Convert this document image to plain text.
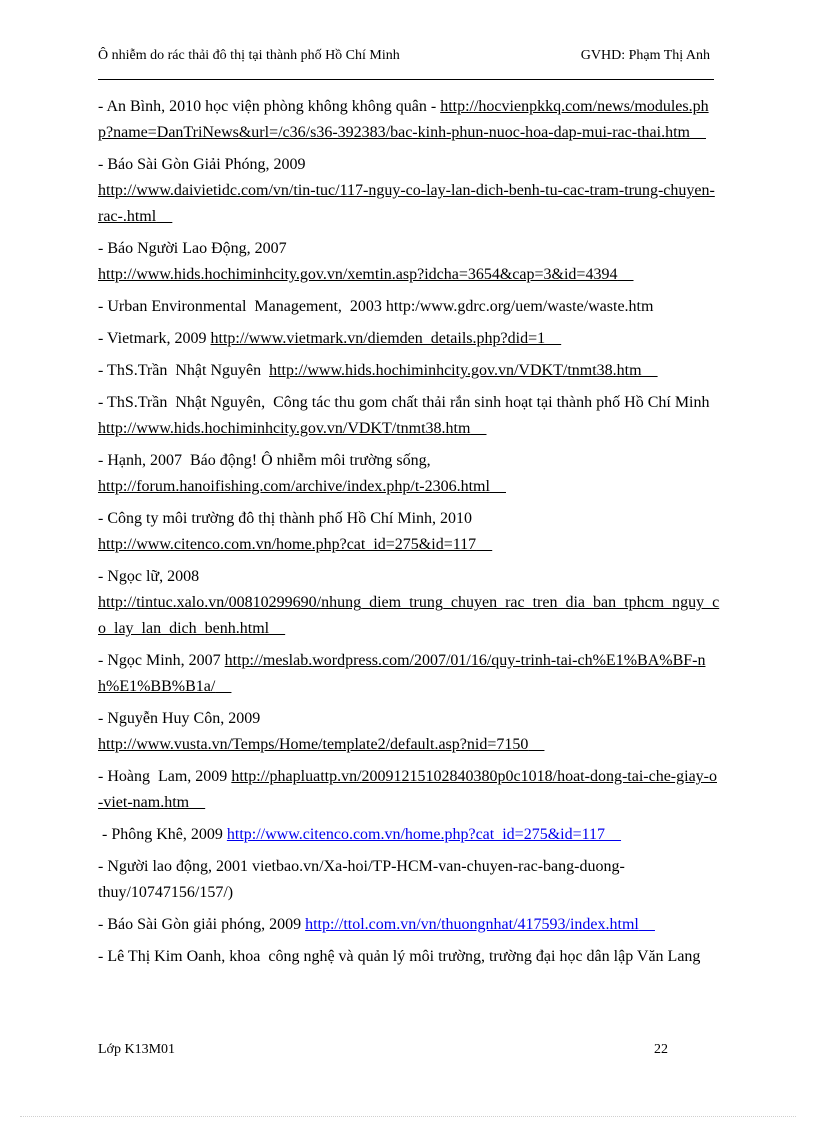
Ô nhiễm do rác thải đô thị tại thành phố Hồ Chí Minh	GVHD: Phạm Thị Anh
- An Bình, 2010 học viện phòng không không quân - http://hocvienpkkq.com/news/modules.php?name=DanTriNews&url=/c36/s36-392383/bac-kinh-phun-nuoc-hoa-dap-mui-rac-thai.htm
- Báo Sài Gòn Giải Phóng, 2009
http://www.daivietidc.com/vn/tin-tuc/117-nguy-co-lay-lan-dich-benh-tu-cac-tram-trung-chuyen-rac-.html
- Báo Người Lao Động, 2007
http://www.hids.hochiminhcity.gov.vn/xemtin.asp?idcha=3654&cap=3&id=4394
- Urban Environmental  Management,  2003 http:/www.gdrc.org/uem/waste/waste.htm
- Vietmark, 2009 http://www.vietmark.vn/diemden_details.php?did=1
- ThS.Trần  Nhật Nguyên  http://www.hids.hochiminhcity.gov.vn/VDKT/tnmt38.htm
- ThS.Trần  Nhật Nguyên,  Công tác thu gom chất thải rắn sinh hoạt tại thành phố Hồ Chí Minh http://www.hids.hochiminhcity.gov.vn/VDKT/tnmt38.htm
- Hạnh, 2007  Báo động! Ô nhiễm môi trường sống,
http://forum.hanoifishing.com/archive/index.php/t-2306.html
- Công ty môi trường đô thị thành phố Hồ Chí Minh, 2010
http://www.citenco.com.vn/home.php?cat_id=275&id=117
- Ngọc lữ, 2008
http://tintuc.xalo.vn/00810299690/nhung_diem_trung_chuyen_rac_tren_dia_ban_tphcm_nguy_co_lay_lan_dich_benh.html
- Ngọc Minh, 2007 http://meslab.wordpress.com/2007/01/16/quy-trinh-tai-ch%E1%BA%BF-nh%E1%BB%B1a/
- Nguyễn Huy Côn, 2009
http://www.vusta.vn/Temps/Home/template2/default.asp?nid=7150
- Hoàng  Lam, 2009 http://phapluattp.vn/20091215102840380p0c1018/hoat-dong-tai-che-giay-o-viet-nam.htm
- Phông Khê, 2009 http://www.citenco.com.vn/home.php?cat_id=275&id=117
- Người lao động, 2001 vietbao.vn/Xa-hoi/TP-HCM-van-chuyen-rac-bang-duong-thuy/10747156/157/)
- Báo Sài Gòn giải phóng, 2009 http://ttol.com.vn/vn/thuongnhat/417593/index.html
- Lê Thị Kim Oanh, khoa  công nghệ và quản lý môi trường, trường đại học dân lập Văn Lang
Lớp K13M01	22
